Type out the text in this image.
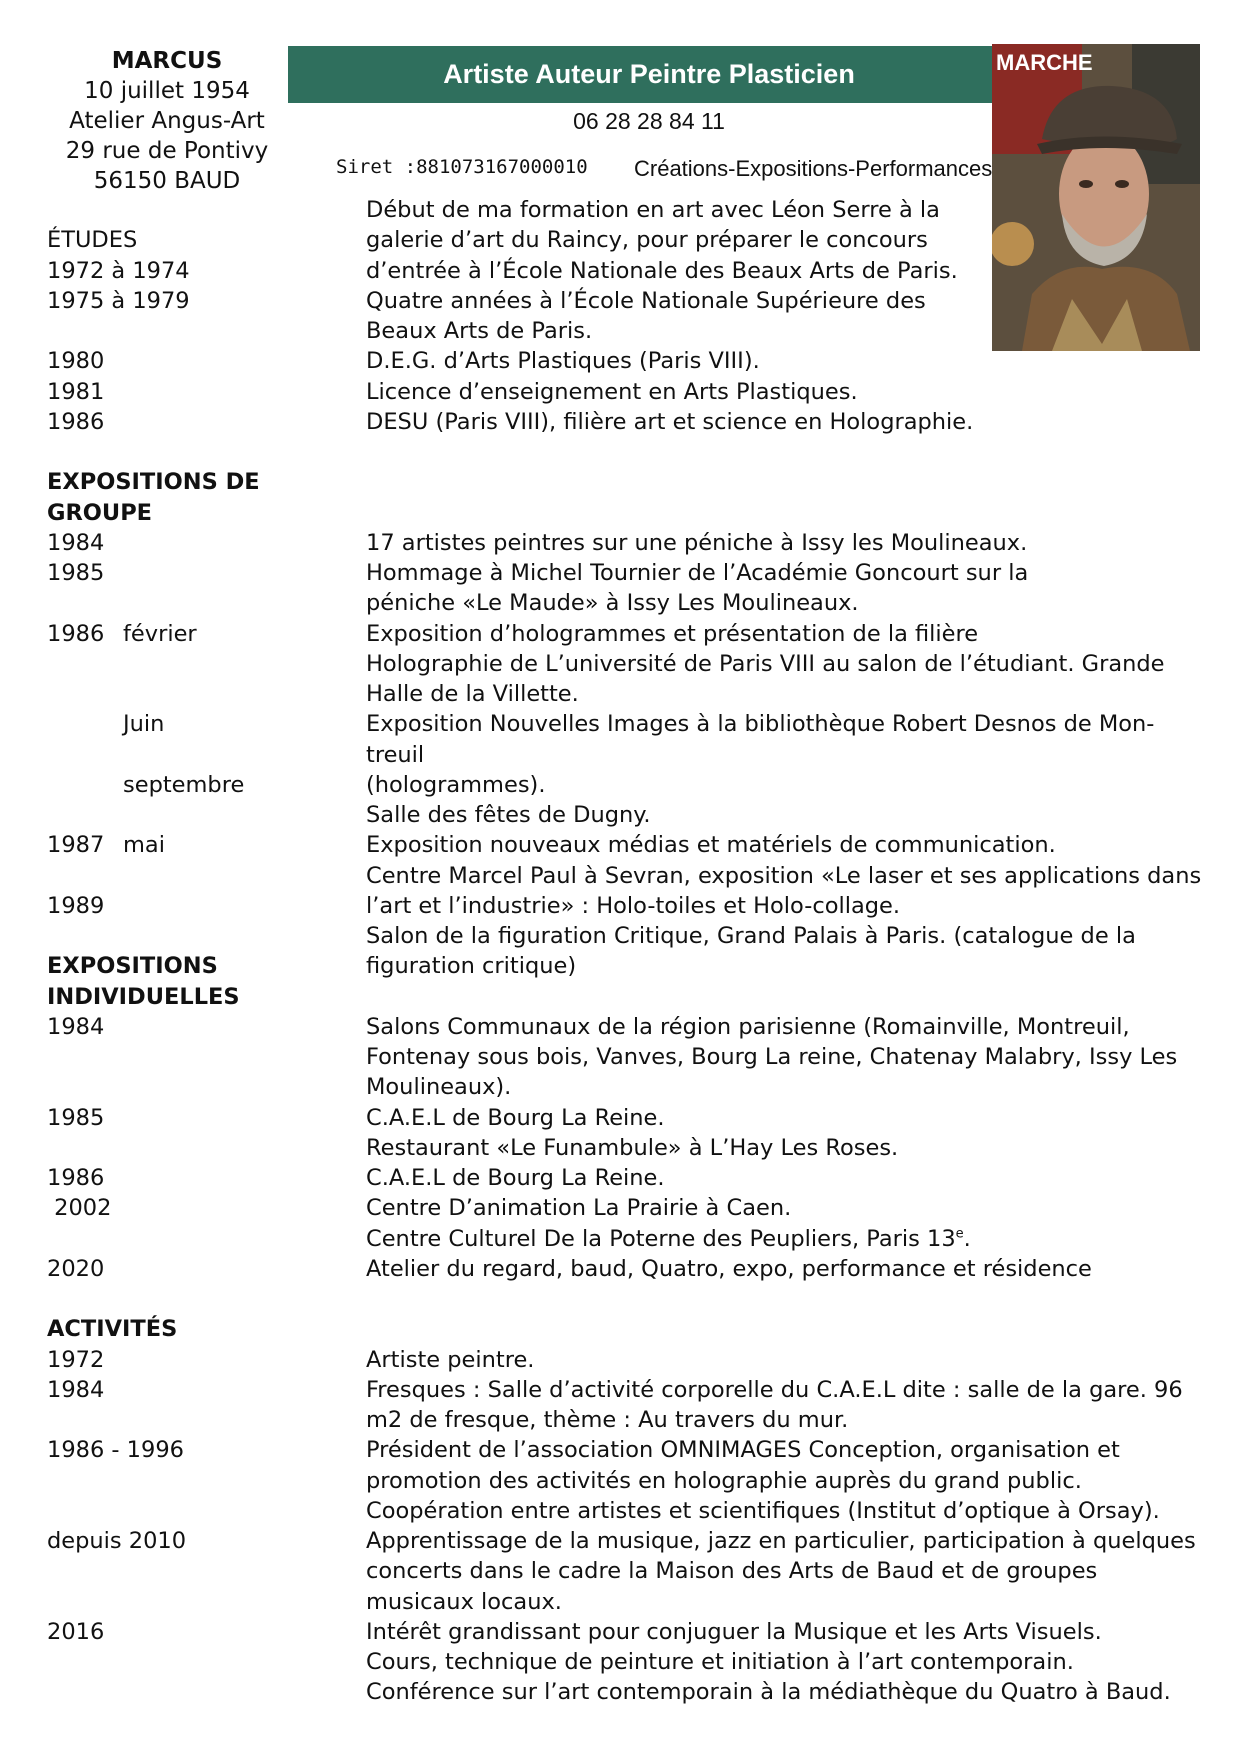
MARCUS
10 juillet 1954
Atelier Angus-Art
29 rue de Pontivy
56150 BAUD
Artiste Auteur Peintre Plasticien
06 28 28 84 11
Siret :881073167000010 Créations-Expositions-Performances
MARCHE
Début de ma formation en art avec Léon Serre à la
ÉTUDES	galerie d’art du Raincy, pour préparer le concours
1972 à 1974	d’entrée à l’École Nationale des Beaux Arts de Paris.
1975 à 1979	Quatre années à l’École Nationale Supérieure des
Beaux Arts de Paris.
1980	D.E.G. d’Arts Plastiques (Paris VIII).
1981	Licence d’enseignement en Arts Plastiques.
1986	DESU (Paris VIII), filière art et science en Holographie.
EXPOSITIONS DE
GROUPE
1984	17 artistes peintres sur une péniche à Issy les Moulineaux.
1985	Hommage à Michel Tournier de l’Académie Goncourt sur la
péniche «Le Maude» à Issy Les Moulineaux.
1986 février	Exposition d’hologrammes et présentation de la filière
Holographie de L’université de Paris VIII au salon de l’étudiant. Grande
Halle de la Villette.
Juin	Exposition Nouvelles Images à la bibliothèque Robert Desnos de Mon-
treuil
septembre	(hologrammes).
Salle des fêtes de Dugny.
1987 mai	Exposition nouveaux médias et matériels de communication.
Centre Marcel Paul à Sevran, exposition «Le laser et ses applications dans
1989	l’art et l’industrie» : Holo-toiles et Holo-collage.
Salon de la figuration Critique, Grand Palais à Paris. (catalogue de la
EXPOSITIONS	figuration critique)
INDIVIDUELLES
1984	Salons Communaux de la région parisienne (Romainville, Montreuil,
Fontenay sous bois, Vanves, Bourg La reine, Chatenay Malabry, Issy Les
Moulineaux).
1985	C.A.E.L de Bourg La Reine.
Restaurant «Le Funambule» à L’Hay Les Roses.
1986	C.A.E.L de Bourg La Reine.
2002	Centre D’animation La Prairie à Caen.
Centre Culturel De la Poterne des Peupliers, Paris 13e.
2020	Atelier du regard, baud, Quatro, expo, performance et résidence
ACTIVITÉS
1972	Artiste peintre.
1984	Fresques : Salle d’activité corporelle du C.A.E.L dite : salle de la gare. 96
m2 de fresque, thème : Au travers du mur.
1986 - 1996	Président de l’association OMNIMAGES Conception, organisation et
promotion des activités en holographie auprès du grand public.
Coopération entre artistes et scientifiques (Institut d’optique à Orsay).
depuis 2010	Apprentissage de la musique, jazz en particulier, participation à quelques
concerts dans le cadre la Maison des Arts de Baud et de groupes
musicaux locaux.
2016	Intérêt grandissant pour conjuguer la Musique et les Arts Visuels.
Cours, technique de peinture et initiation à l’art contemporain.
Conférence sur l’art contemporain à la médiathèque du Quatro à Baud.
